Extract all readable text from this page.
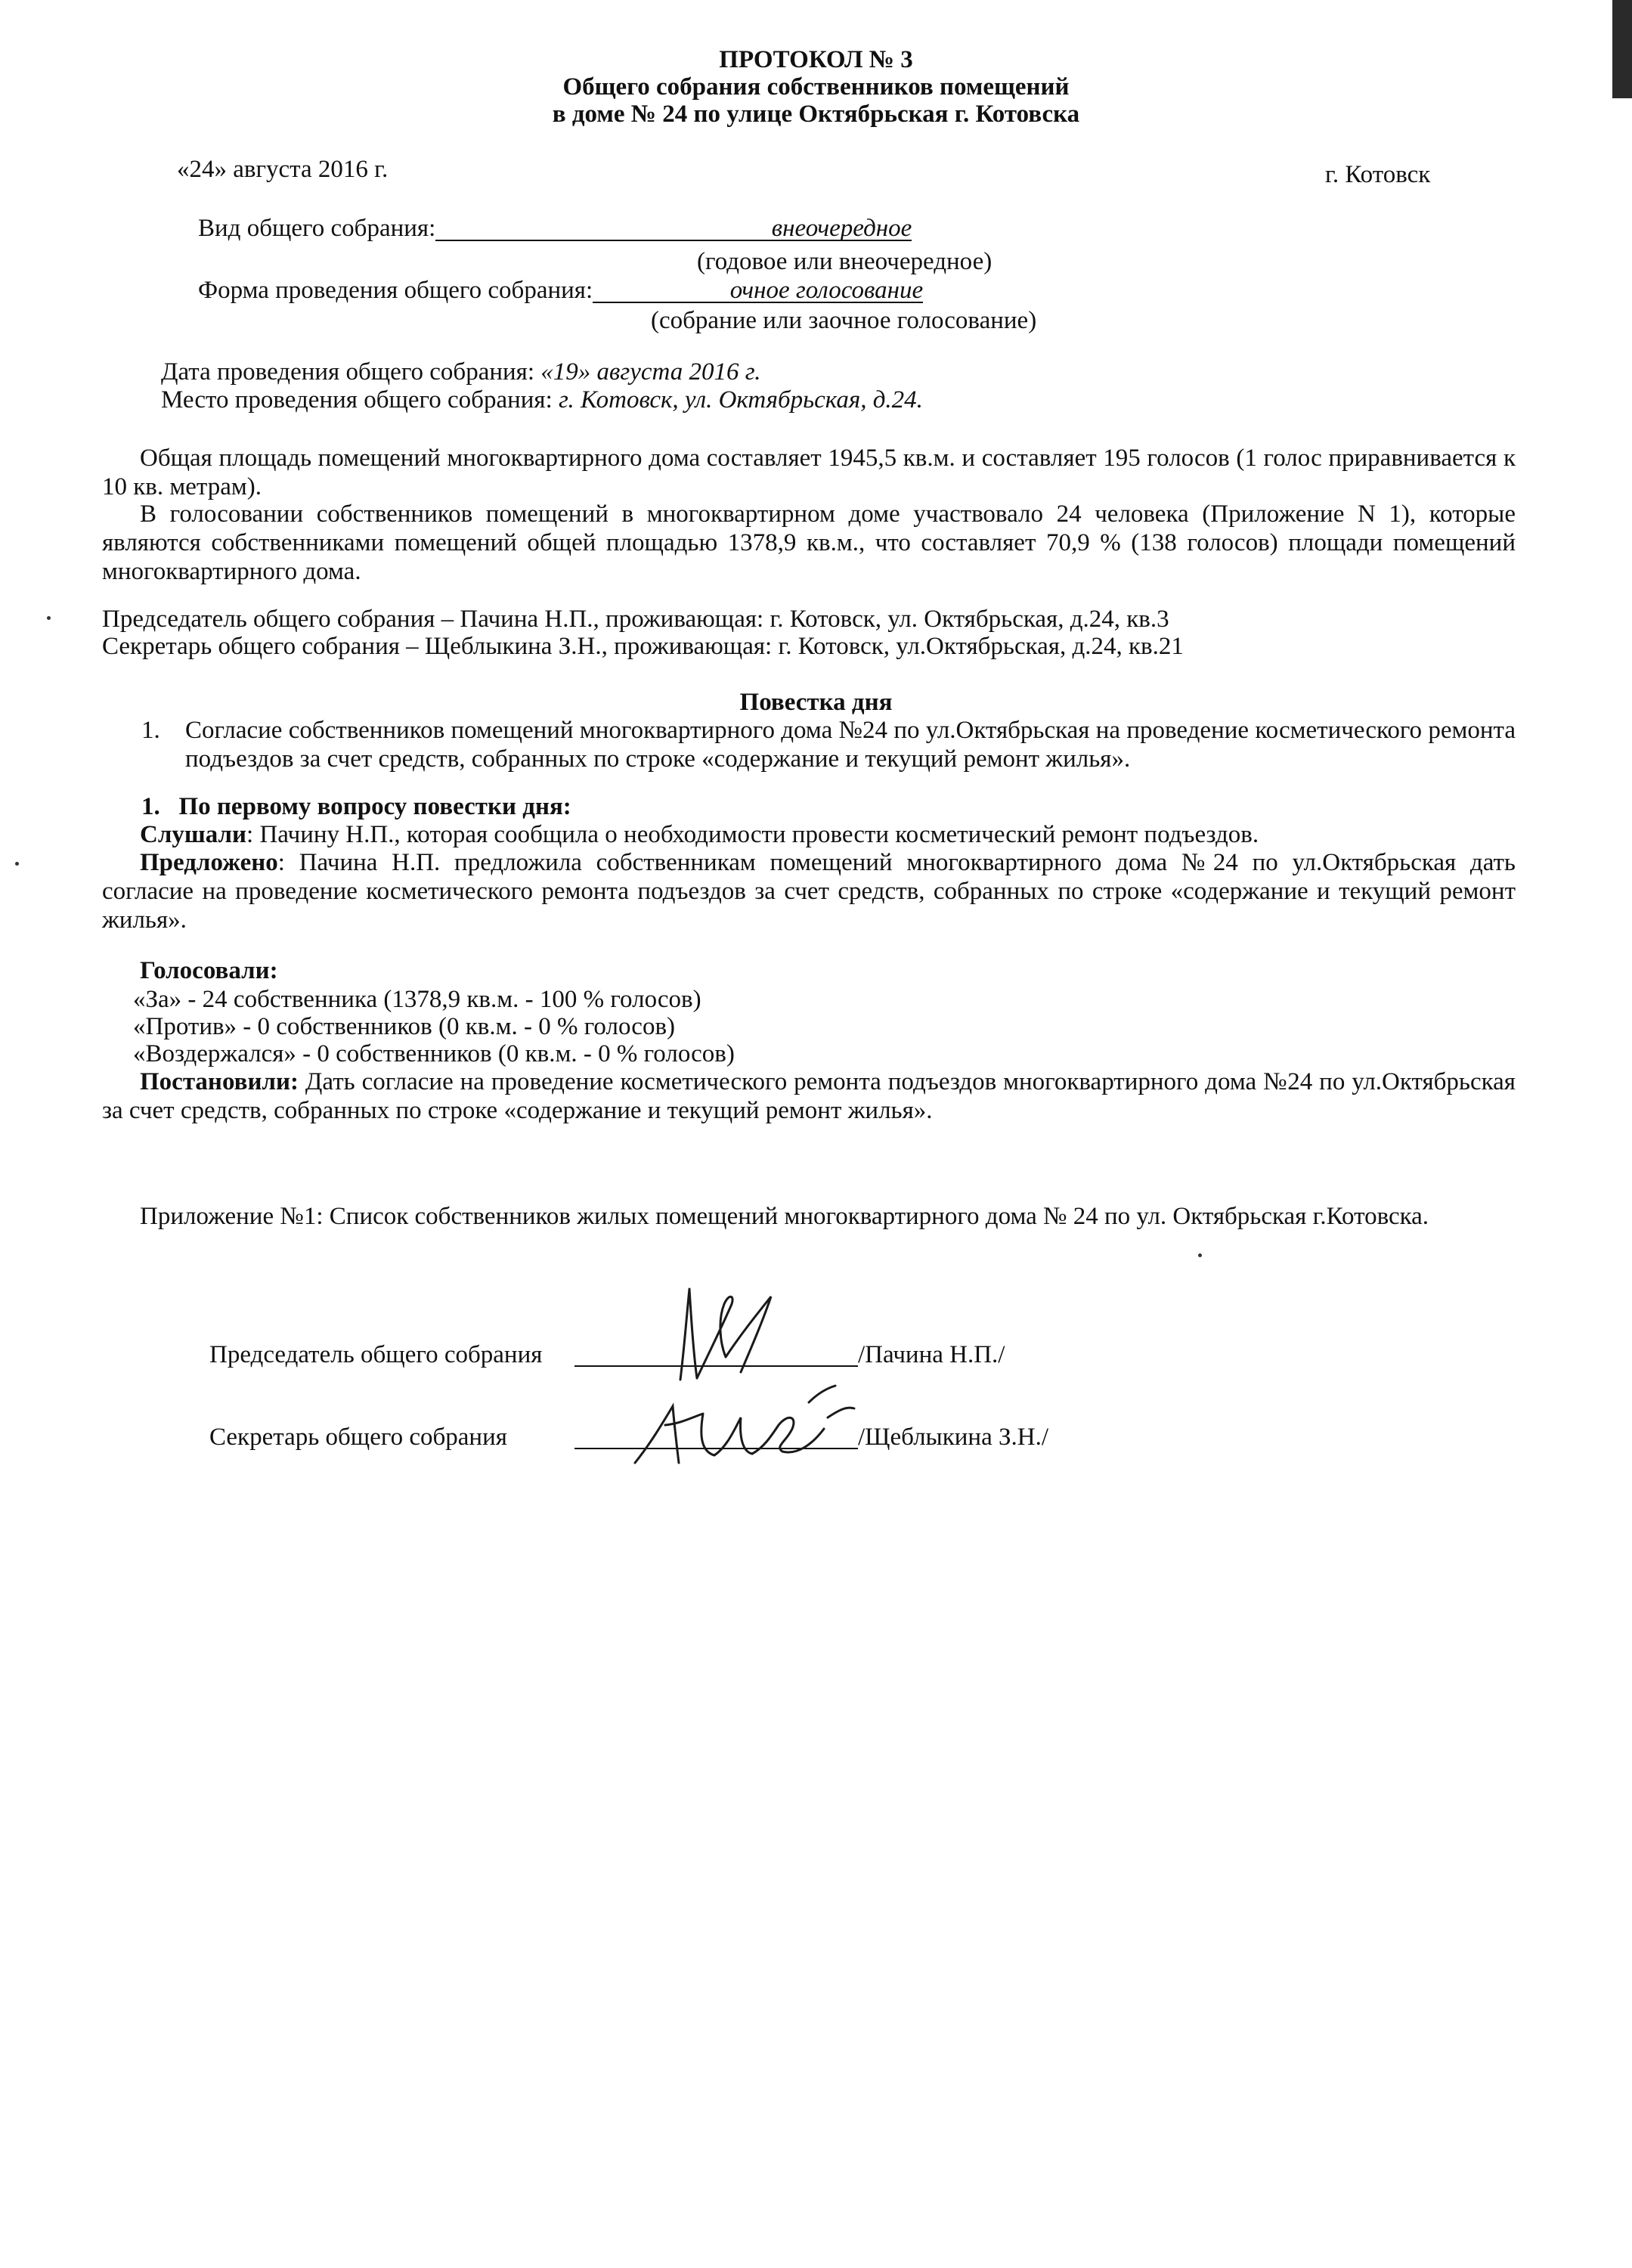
ПРОТОКОЛ № 3

Общего собрания собственников помещений

в доме № 24 по улице Октябрьская г. Котовска

«24» августа 2016 г.	г. Котовск

Вид общего собрания:	внеочередное

(годовое или внеочередное)

Форма проведения общего собрания:	очное голосование

(собрание или заочное голосование)

Дата проведения общего собрания: «19» августа 2016 г.

Место проведения общего собрания: г. Котовск, ул. Октябрьская, д.24.

Общая площадь помещений многоквартирного дома составляет 1945,5 кв.м. и составляет 195 голосов (1 голос приравнивается к 10 кв. метрам).

В голосовании собственников помещений в многоквартирном доме участвовало 24 человека (Приложение N 1), которые являются собственниками помещений общей площадью 1378,9 кв.м., что составляет 70,9 % (138 голосов) площади помещений многоквартирного дома.

Председатель общего собрания – Пачина Н.П., проживающая: г. Котовск, ул. Октябрьская, д.24, кв.3

Секретарь общего собрания – Щеблыкина З.Н., проживающая: г. Котовск, ул.Октябрьская, д.24, кв.21

Повестка дня

1. Согласие собственников помещений многоквартирного дома №24 по ул.Октябрьская на проведение косметического ремонта подъездов за счет средств, собранных по строке «содержание и текущий ремонт жилья».

1. По первому вопросу повестки дня:

Слушали: Пачину Н.П., которая сообщила о необходимости провести косметический ремонт подъездов.

Предложено: Пачина Н.П. предложила собственникам помещений многоквартирного дома №24 по ул.Октябрьская дать согласие на проведение косметического ремонта подъездов за счет средств, собранных по строке «содержание и текущий ремонт жилья».

Голосовали:

«За» - 24 собственника (1378,9 кв.м. - 100 % голосов)

«Против» - 0 собственников (0 кв.м. - 0 % голосов)

«Воздержался» - 0 собственников (0 кв.м. - 0 % голосов)

Постановили: Дать согласие на проведение косметического ремонта подъездов многоквартирного дома №24 по ул.Октябрьская за счет средств, собранных по строке «содержание и текущий ремонт жилья».

Приложение №1: Список собственников жилых помещений многоквартирного дома № 24 по ул. Октябрьская г.Котовска.

Председатель общего собрания	/Пачина Н.П./

Секретарь общего собрания	/Щеблыкина З.Н./
